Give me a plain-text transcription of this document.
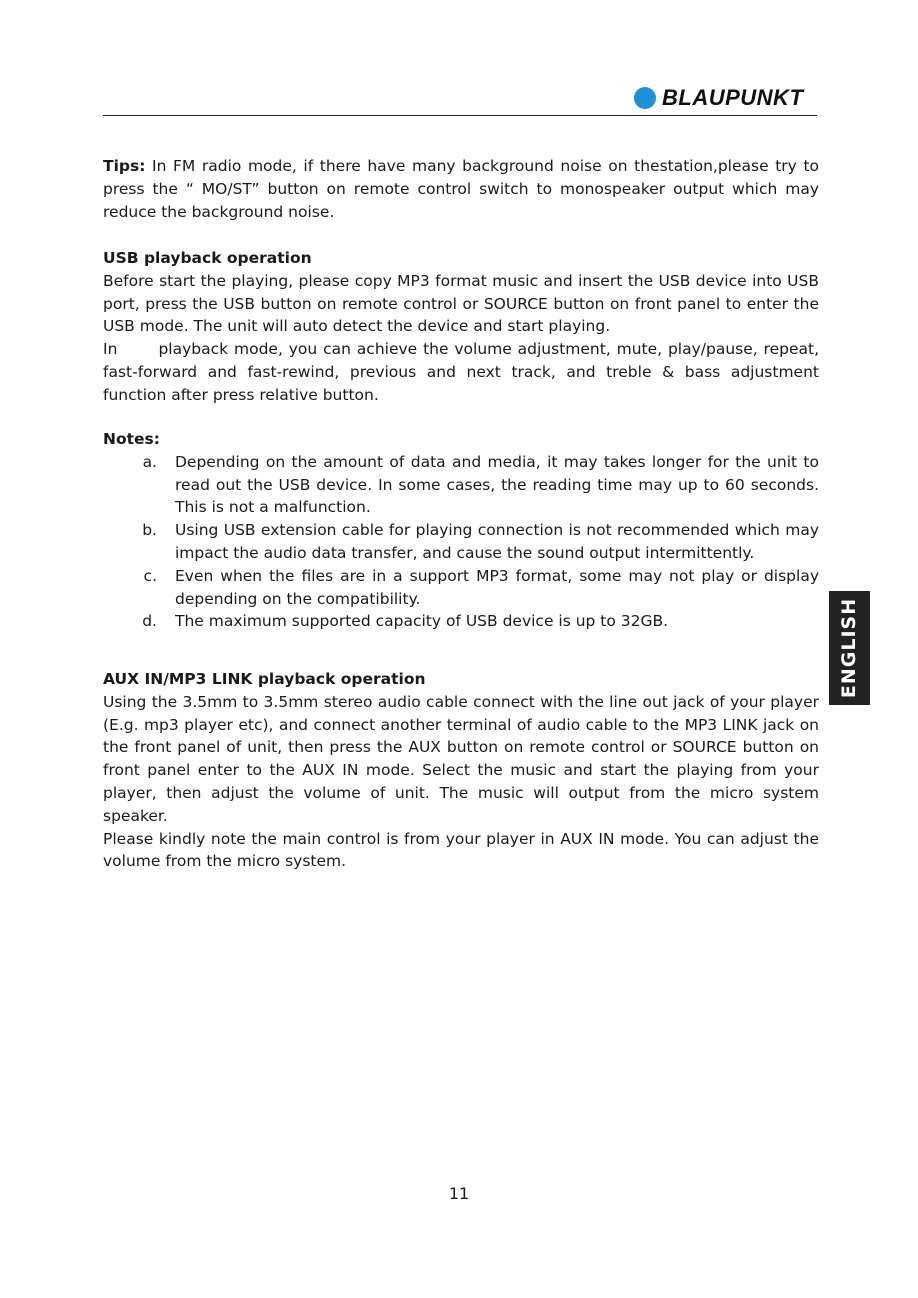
BLAUPUNKT

Tips: In FM radio mode, if there have many background noise on thestation,please try to press the “ MO/ST” button on remote control switch to monospeaker output which may reduce the background noise.

USB playback operation

Before start the playing, please copy MP3 format music and insert the USB device into USB port, press the USB button on remote control or SOURCE button on front panel to enter the USB mode. The unit will auto detect the device and start playing.

In       playback mode, you can achieve the volume adjustment, mute, play/pause, repeat, fast-forward and fast-rewind, previous and next track, and treble & bass adjustment function after press relative button.

Notes:
a.	Depending on the amount of data and media, it may takes longer for the unit to read out the USB device. In some cases, the reading time may up to 60 seconds. This is not a malfunction.
b.	Using USB extension cable for playing connection is not recommended which may impact the audio data transfer, and cause the sound output intermittently.
c.	Even when the files are in a support MP3 format, some may not play or display depending on the compatibility.
d.	The maximum supported capacity of USB device is up to 32GB.
AUX IN/MP3 LINK playback operation

Using the 3.5mm to 3.5mm stereo audio cable connect with the line out jack of your player (E.g. mp3 player etc), and connect another terminal of audio cable to the MP3 LINK jack on the front panel of unit, then press the AUX button on remote control or SOURCE button on front panel enter to the AUX IN mode. Select the music and start the playing from your player, then adjust the volume of unit. The music will output from the micro system speaker.

Please kindly note the main control is from your player in AUX IN mode. You can adjust the volume from the micro system.

ENGLISH
11
